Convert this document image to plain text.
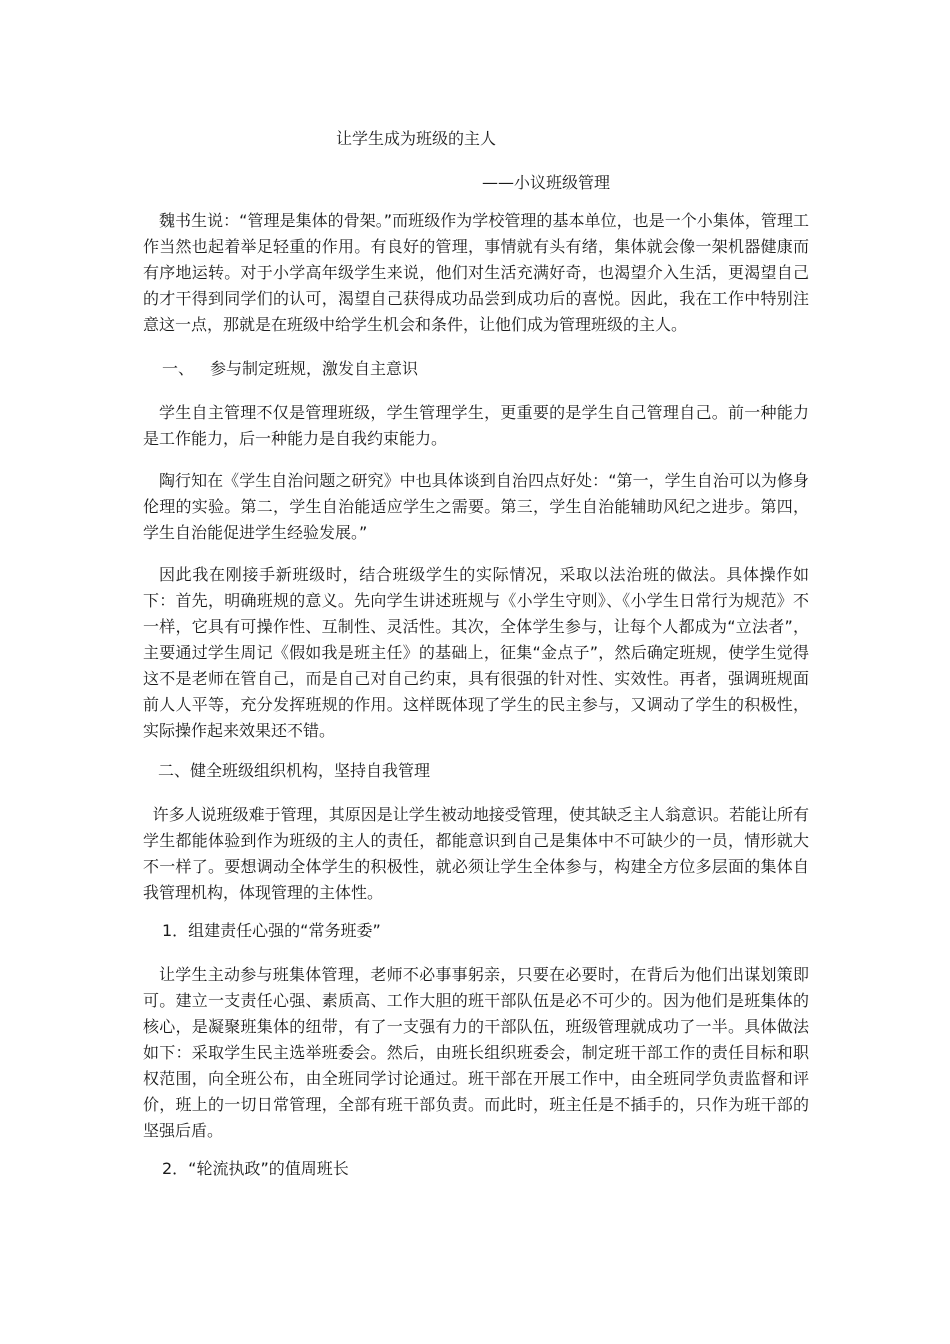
让学生成为班级的主人
——小议班级管理

魏书生说：“管理是集体的骨架。”而班级作为学校管理的基本单位，也是一个小集体，管理工作当然也起着举足轻重的作用。有良好的管理，事情就有头有绪，集体就会像一架机器健康而有序地运转。对于小学高年级学生来说，他们对生活充满好奇，也渴望介入生活，更渴望自己的才干得到同学们的认可，渴望自己获得成功品尝到成功后的喜悦。因此，我在工作中特别注意这一点，那就是在班级中给学生机会和条件，让他们成为管理班级的主人。

一、 参与制定班规，激发自主意识

学生自主管理不仅是管理班级，学生管理学生，更重要的是学生自己管理自己。前一种能力是工作能力，后一种能力是自我约束能力。

陶行知在《学生自治问题之研究》中也具体谈到自治四点好处：“第一，学生自治可以为修身伦理的实验。第二，学生自治能适应学生之需要。第三，学生自治能辅助风纪之进步。第四，学生自治能促进学生经验发展。”

因此我在刚接手新班级时，结合班级学生的实际情况，采取以法治班的做法。具体操作如下：首先，明确班规的意义。先向学生讲述班规与《小学生守则》、《小学生日常行为规范》不一样，它具有可操作性、互制性、灵活性。其次，全体学生参与，让每个人都成为“立法者”，主要通过学生周记《假如我是班主任》的基础上，征集“金点子”，然后确定班规，使学生觉得这不是老师在管自己，而是自己对自己约束，具有很强的针对性、实效性。再者，强调班规面前人人平等，充分发挥班规的作用。这样既体现了学生的民主参与，又调动了学生的积极性，实际操作起来效果还不错。

二、健全班级组织机构，坚持自我管理

许多人说班级难于管理，其原因是让学生被动地接受管理，使其缺乏主人翁意识。若能让所有学生都能体验到作为班级的主人的责任，都能意识到自己是集体中不可缺少的一员，情形就大不一样了。要想调动全体学生的积极性，就必须让学生全体参与，构建全方位多层面的集体自我管理机构，体现管理的主体性。

1．组建责任心强的“常务班委”

让学生主动参与班集体管理，老师不必事事躬亲，只要在必要时，在背后为他们出谋划策即可。建立一支责任心强、素质高、工作大胆的班干部队伍是必不可少的。因为他们是班集体的核心，是凝聚班集体的纽带，有了一支强有力的干部队伍，班级管理就成功了一半。具体做法如下：采取学生民主选举班委会。然后，由班长组织班委会，制定班干部工作的责任目标和职权范围，向全班公布，由全班同学讨论通过。班干部在开展工作中，由全班同学负责监督和评价，班上的一切日常管理，全部有班干部负责。而此时，班主任是不插手的，只作为班干部的坚强后盾。

2．“轮流执政”的值周班长
